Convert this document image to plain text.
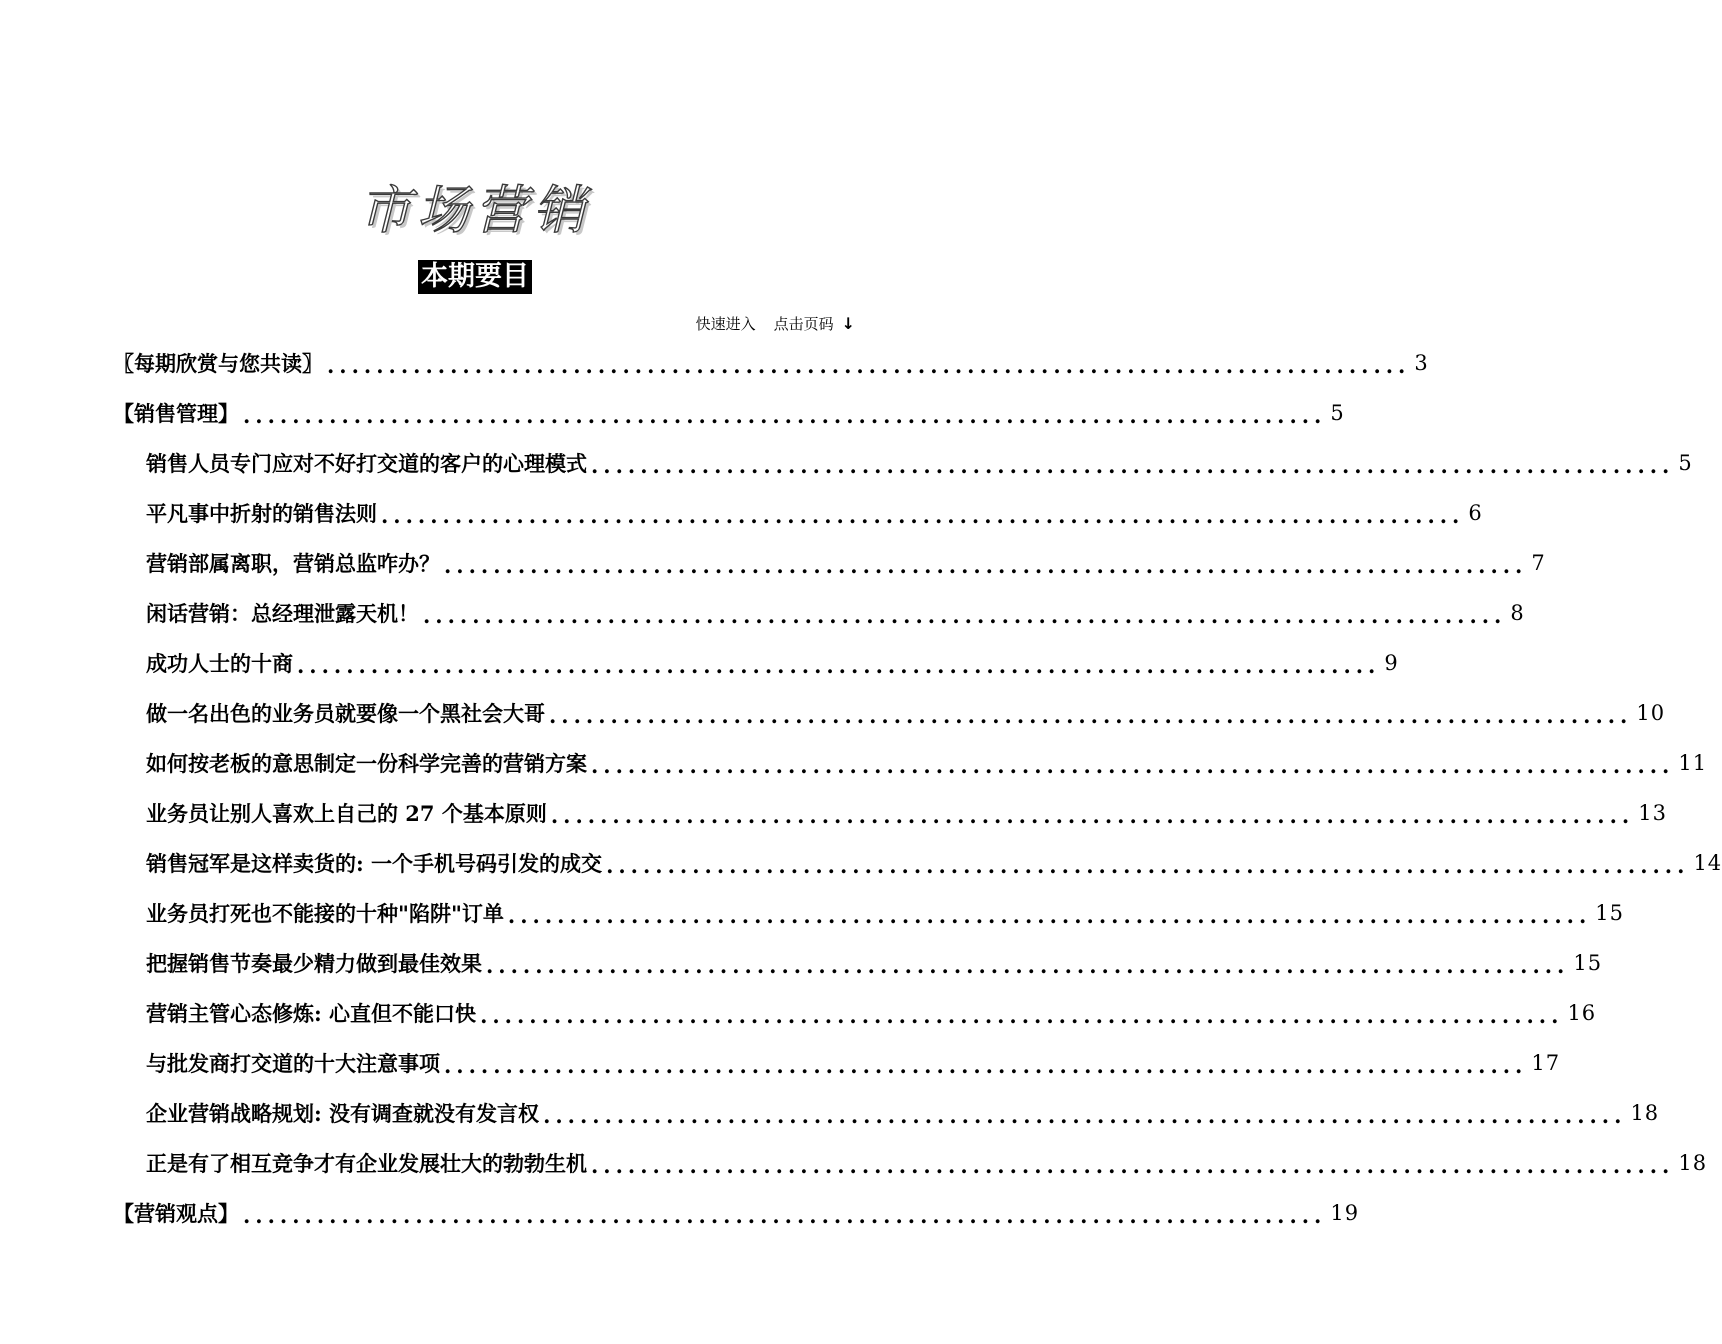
市场营销
本期要目
快速进入 点击页码 ↓
〖每期欣赏与您共读〗 ........................................................................................ 3
【销售管理】 ........................................................................................ 5
销售人员专门应对不好打交道的客户的心理模式 ........................................................................................ 5
平凡事中折射的销售法则 ........................................................................................ 6
营销部属离职，营销总监咋办？ ........................................................................................ 7
闲话营销：总经理泄露天机！ ........................................................................................ 8
成功人士的十商 ........................................................................................ 9
做一名出色的业务员就要像一个黑社会大哥 ........................................................................................ 10
如何按老板的意思制定一份科学完善的营销方案 ........................................................................................ 11
业务员让别人喜欢上自己的 27 个基本原则 ........................................................................................ 13
销售冠军是这样卖货的: 一个手机号码引发的成交 ........................................................................................ 14
业务员打死也不能接的十种"陷阱"订单 ........................................................................................ 15
把握销售节奏最少精力做到最佳效果 ........................................................................................ 15
营销主管心态修炼: 心直但不能口快 ........................................................................................ 16
与批发商打交道的十大注意事项 ........................................................................................ 17
企业营销战略规划: 没有调查就没有发言权 ........................................................................................ 18
正是有了相互竞争才有企业发展壮大的勃勃生机 ........................................................................................ 18
【营销观点】 ........................................................................................ 19
